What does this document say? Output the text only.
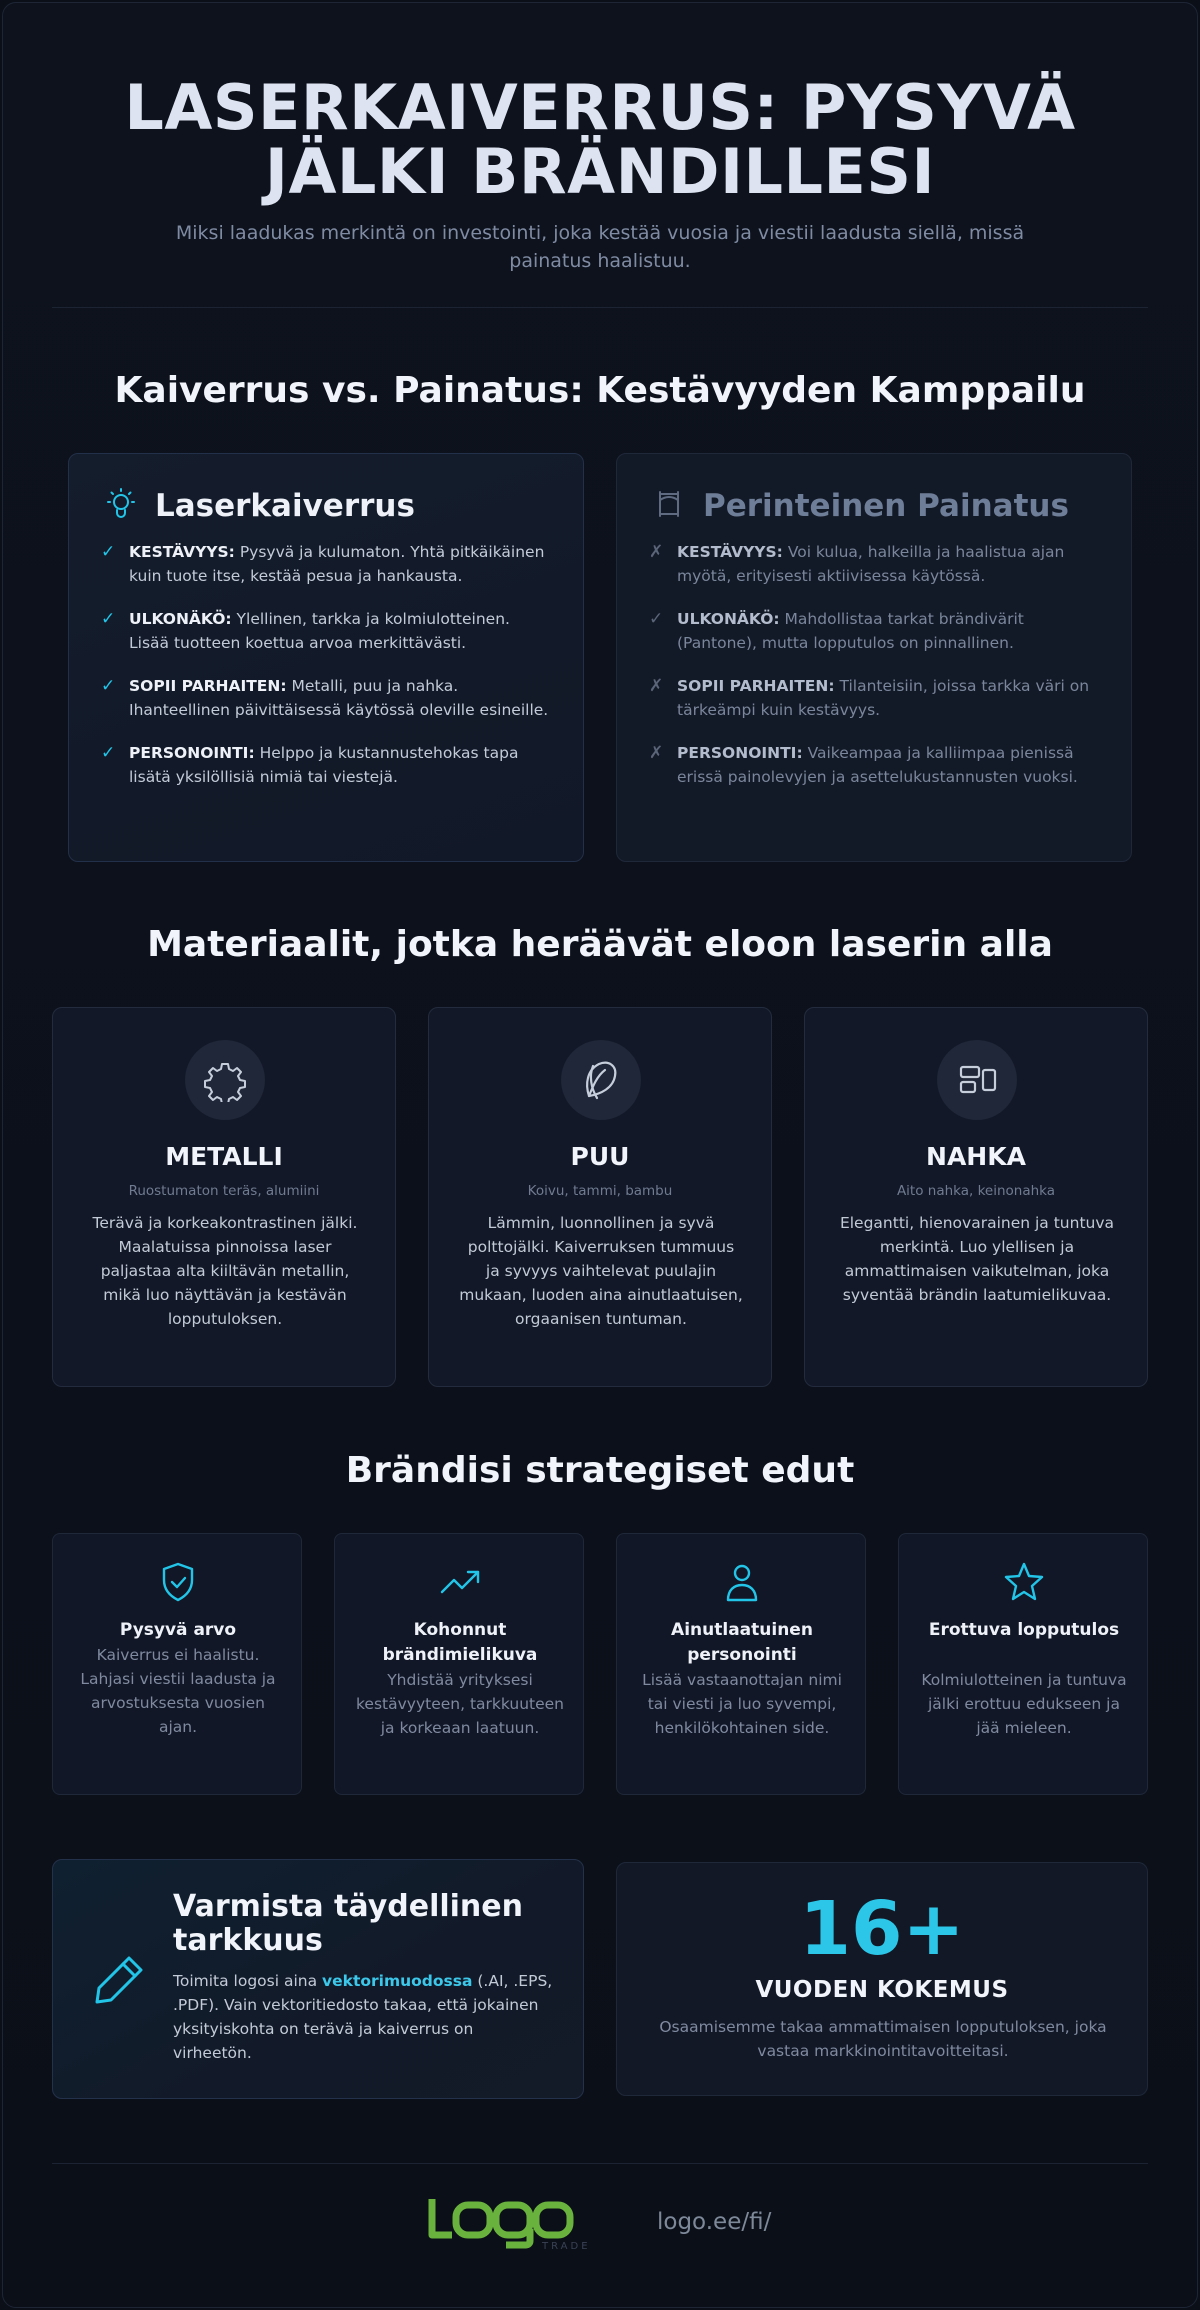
LASERKAIVERRUS: PYSYVÄ JÄLKI BRÄNDILLESI

Miksi laadukas merkintä on investointi, joka kestää vuosia ja viestii laadusta siellä, missä painatus haalistuu.

Kaiverrus vs. Painatus: Kestävyyden Kamppailu
Laserkaiverrus
✓ KESTÄVYYS: Pysyvä ja kulumaton. Yhtä pitkäikäinen kuin tuote itse, kestää pesua ja hankausta.
✓ ULKONÄKÖ: Ylellinen, tarkka ja kolmiulotteinen. Lisää tuotteen koettua arvoa merkittävästi.
✓ SOPII PARHAITEN: Metalli, puu ja nahka. Ihanteellinen päivittäisessä käytössä oleville esineille.
✓ PERSONOINTI: Helppo ja kustannustehokas tapa lisätä yksilöllisiä nimiä tai viestejä.
Perinteinen Painatus
✗ KESTÄVYYS: Voi kulua, halkeilla ja haalistua ajan myötä, erityisesti aktiivisessa käytössä.
✓ ULKONÄKÖ: Mahdollistaa tarkat brändivärit (Pantone), mutta lopputulos on pinnallinen.
✗ SOPII PARHAITEN: Tilanteisiin, joissa tarkka väri on tärkeämpi kuin kestävyys.
✗ PERSONOINTI: Vaikeampaa ja kalliimpaa pienissä erissä painolevyjen ja asettelukustannusten vuoksi.
Materiaalit, jotka heräävät eloon laserin alla
METALLI
Ruostumaton teräs, alumiini
Terävä ja korkeakontrastinen jälki. Maalatuissa pinnoissa laser paljastaa alta kiiltävän metallin, mikä luo näyttävän ja kestävän lopputuloksen.
PUU
Koivu, tammi, bambu
Lämmin, luonnollinen ja syvä polttojälki. Kaiverruksen tummuus ja syvyys vaihtelevat puulajin mukaan, luoden aina ainutlaatuisen, orgaanisen tuntuman.
NAHKA
Aito nahka, keinonahka
Elegantti, hienovarainen ja tuntuva merkintä. Luo ylellisen ja ammattimaisen vaikutelman, joka syventää brändin laatumielikuvaa.
Brändisi strategiset edut
Pysyvä arvo
Kaiverrus ei haalistu. Lahjasi viestii laadusta ja arvostuksesta vuosien ajan.
Kohonnut brändimielikuva
Yhdistää yrityksesi kestävyyteen, tarkkuuteen ja korkeaan laatuun.
Ainutlaatuinen personointi
Lisää vastaanottajan nimi tai viesti ja luo syvempi, henkilökohtainen side.
Erottuva lopputulos
Kolmiulotteinen ja tuntuva jälki erottuu edukseen ja jää mieleen.
Varmista täydellinen tarkkuus
Toimita logosi aina vektorimuodossa (.AI, .EPS, .PDF). Vain vektoritiedosto takaa, että jokainen yksityiskohta on terävä ja kaiverrus on virheetön.
16+
VUODEN KOKEMUS
Osaamisemme takaa ammattimaisen lopputuloksen, joka vastaa markkinointitavoitteitasi.
TRADE
logo.ee/fi/
